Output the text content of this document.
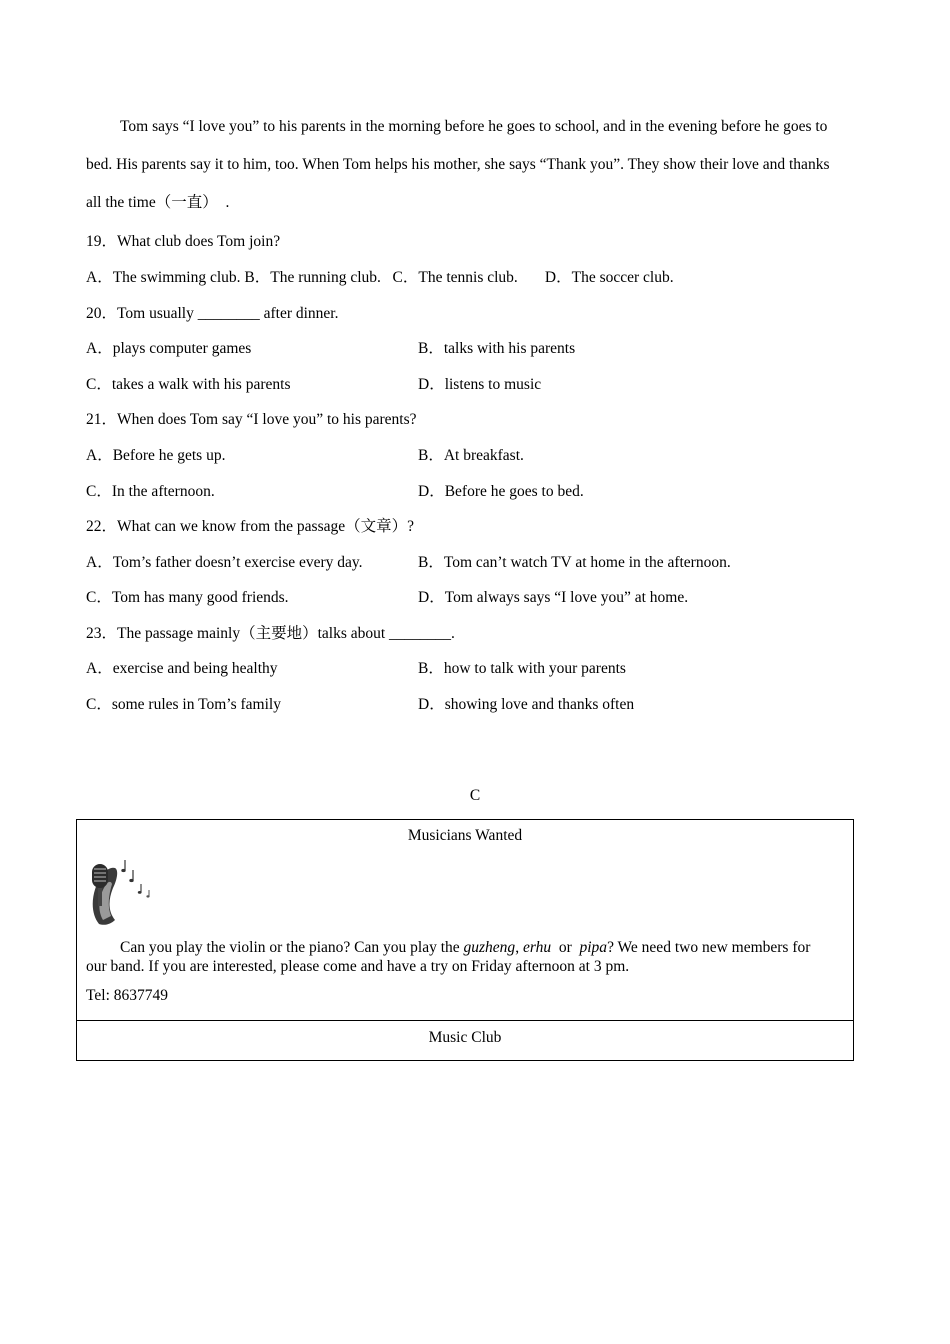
Tom says “I love you” to his parents in the morning before he goes to school, and in the evening before he goes to bed. His parents say it to him, too. When Tom helps his mother, she says “Thank you”. They show their love and thanks all the time（一直）　.
19．What club does Tom join?
A．The swimming club. B．The running club.   C．The tennis club.       D．The soccer club.
20．Tom usually ________ after dinner.
A．plays computer games	B．talks with his parents
C．takes a walk with his parents	D．listens to music
21．When does Tom say “I love you” to his parents?
A．Before he gets up.	B．At breakfast.
C．In the afternoon.	D．Before he goes to bed.
22．What can we know from the passage（文章）?
A．Tom’s father doesn’t exercise every day.	B．Tom can’t watch TV at home in the afternoon.
C．Tom has many good friends.	D．Tom always says “I love you” at home.
23．The passage mainly（主要地）talks about ________.
A．exercise and being healthy	B．how to talk with your parents
C．some rules in Tom’s family	D．showing love and thanks often
C
Musicians Wanted
Can you play the violin or the piano? Can you play the guzheng, erhu  or  pipa? We need two new members for our band. If you are interested, please come and have a try on Friday afternoon at 3 pm.
Tel: 8637749
Music Club
